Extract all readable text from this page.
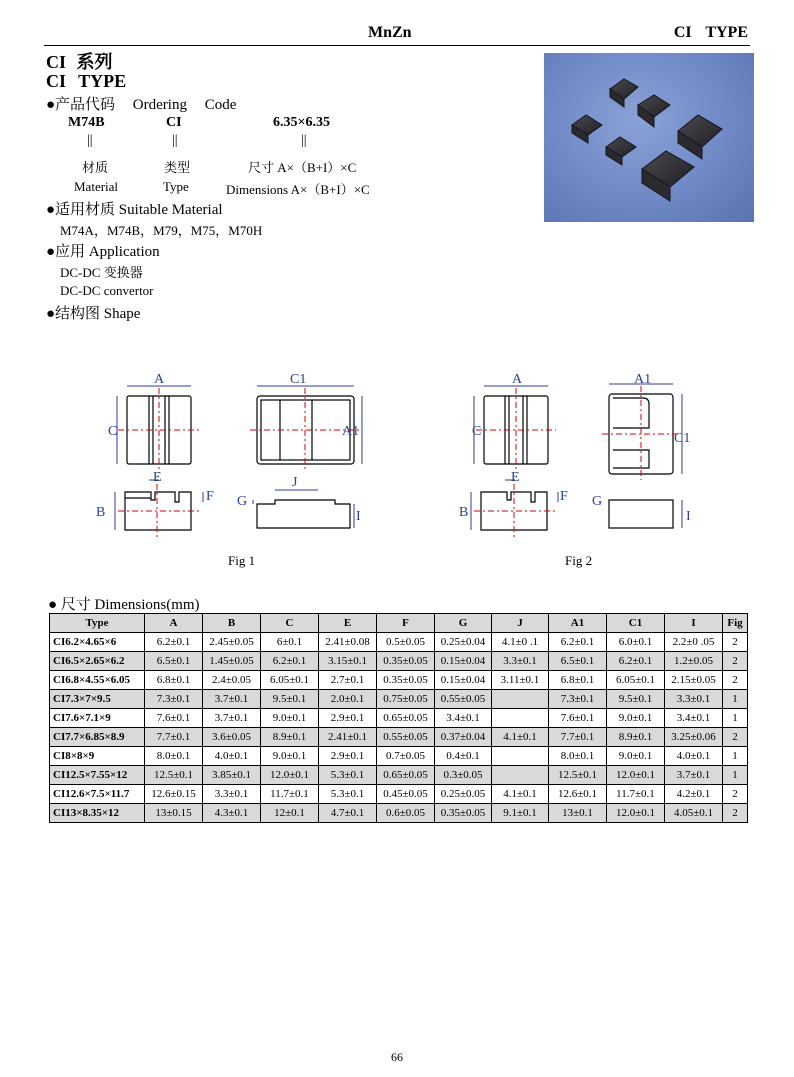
MnZn	CI TYPE
CI 系列
CI TYPE
●产品代码 Ordering Code
M74B	CI	6.35×6.35
||	||	||
材质	类型	尺寸 A×（B+I）×C
Material	Type	Dimensions A×（B+I）×C
●适用材质 Suitable Material
M74A，M74B，M79，M75，M70H
●应用 Application
DC-DC 变换器
DC-DC convertor
●结构图 Shape
A	C1
C	A1
E
F
B
G
J
I
A	A1
C	C1
E
F
B
G
I
Fig 1	Fig 2
● 尺寸 Dimensions(mm)
Type	A	B	C	E	F	G	J	A1	C1	I	Fig
CI6.2×4.65×6	6.2±0.1	2.45±0.05	6±0.1	2.41±0.08	0.5±0.05	0.25±0.04	4.1±0 .1	6.2±0.1	6.0±0.1	2.2±0 .05	2
CI6.5×2.65×6.2	6.5±0.1	1.45±0.05	6.2±0.1	3.15±0.1	0.35±0.05	0.15±0.04	3.3±0.1	6.5±0.1	6.2±0.1	1.2±0.05	2
CI6.8×4.55×6.05	6.8±0.1	2.4±0.05	6.05±0.1	2.7±0.1	0.35±0.05	0.15±0.04	3.11±0.1	6.8±0.1	6.05±0.1	2.15±0.05	2
CI7.3×7×9.5	7.3±0.1	3.7±0.1	9.5±0.1	2.0±0.1	0.75±0.05	0.55±0.05		7.3±0.1	9.5±0.1	3.3±0.1	1
CI7.6×7.1×9	7.6±0.1	3.7±0.1	9.0±0.1	2.9±0.1	0.65±0.05	3.4±0.1		7.6±0.1	9.0±0.1	3.4±0.1	1
CI7.7×6.85×8.9	7.7±0.1	3.6±0.05	8.9±0.1	2.41±0.1	0.55±0.05	0.37±0.04	4.1±0.1	7.7±0.1	8.9±0.1	3.25±0.06	2
CI8×8×9	8.0±0.1	4.0±0.1	9.0±0.1	2.9±0.1	0.7±0.05	0.4±0.1		8.0±0.1	9.0±0.1	4.0±0.1	1
CI12.5×7.55×12	12.5±0.1	3.85±0.1	12.0±0.1	5.3±0.1	0.65±0.05	0.3±0.05		12.5±0.1	12.0±0.1	3.7±0.1	1
CI12.6×7.5×11.7	12.6±0.15	3.3±0.1	11.7±0.1	5.3±0.1	0.45±0.05	0.25±0.05	4.1±0.1	12.6±0.1	11.7±0.1	4.2±0.1	2
CI13×8.35×12	13±0.15	4.3±0.1	12±0.1	4.7±0.1	0.6±0.05	0.35±0.05	9.1±0.1	13±0.1	12.0±0.1	4.05±0.1	2
66
